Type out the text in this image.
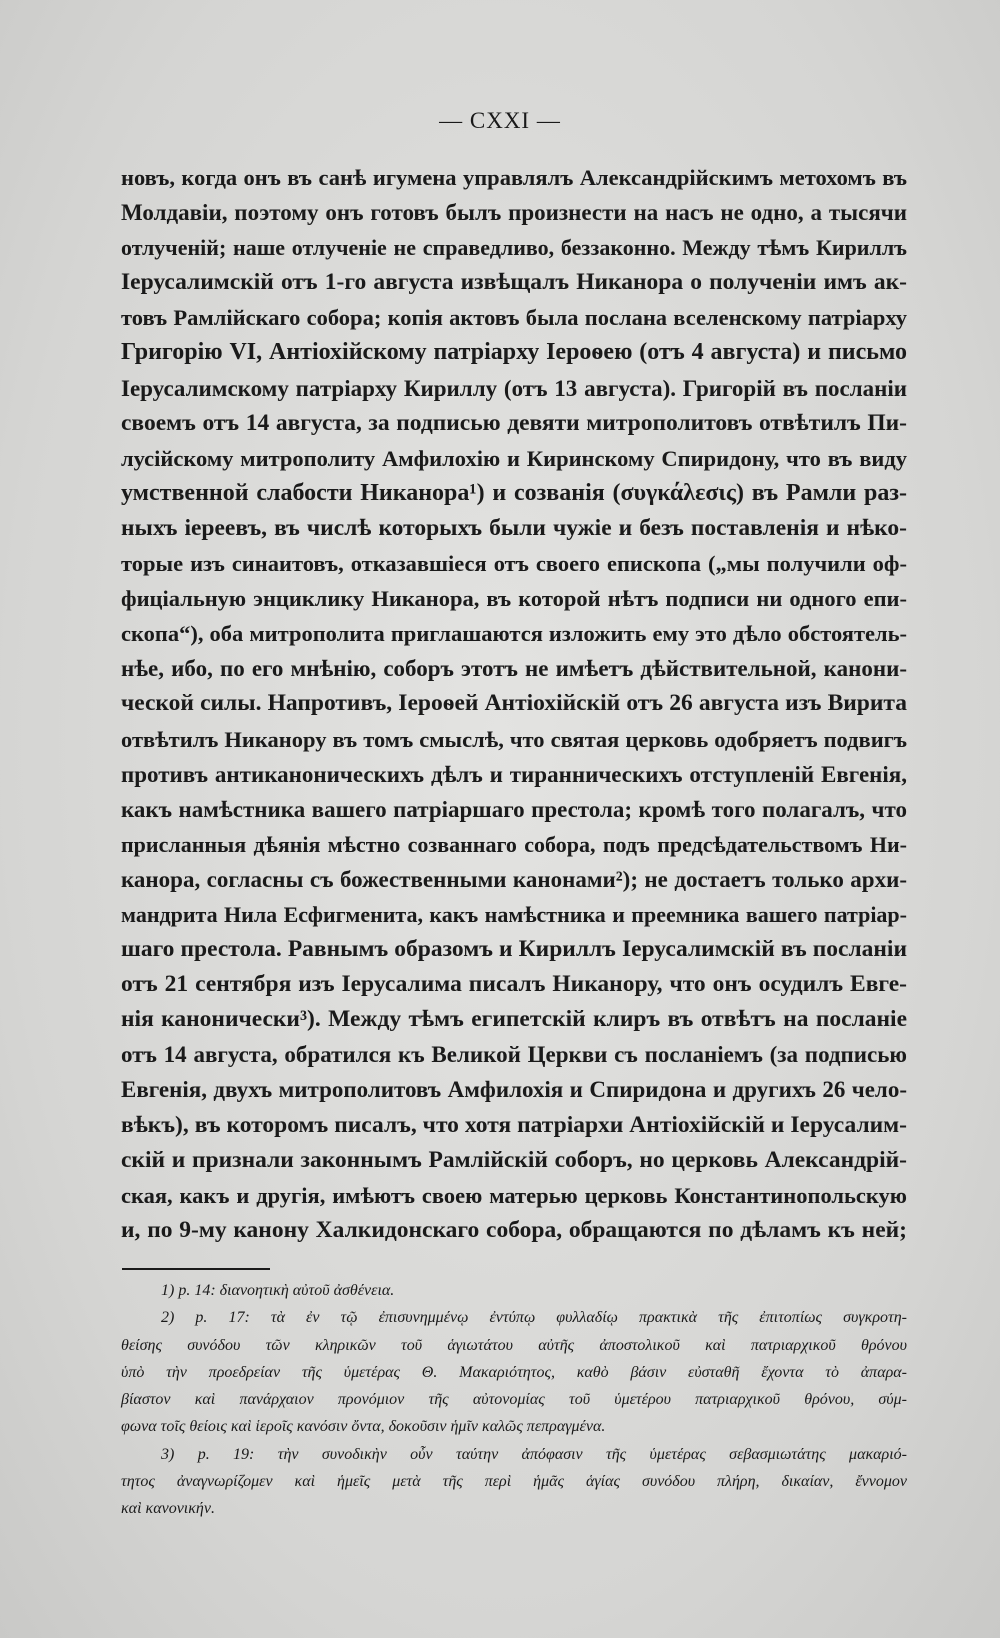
— CXXI —
новъ, когда онъ въ санѣ игумена управлялъ Александрійскимъ метохомъ въ
Молдавіи, поэтому онъ готовъ былъ произнести на насъ не одно, а тысячи
отлученій; наше отлученіе не справедливо, беззаконно. Между тѣмъ Кириллъ
Іерусалимскій отъ 1-го августа извѣщалъ Никанора о полученіи имъ ак-
товъ Рамлійскаго собора; копія актовъ была послана вселенскому патріарху
Григорію VI, Антіохійскому патріарху Іероѳею (отъ 4 августа) и письмо
Іерусалимскому патріарху Кириллу (отъ 13 августа). Григорій въ посланіи
своемъ отъ 14 августа, за подписью девяти митрополитовъ отвѣтилъ Пи-
лусійскому митрополиту Амфилохію и Киринскому Спиридону, что въ виду
умственной слабости Никанора¹) и созванія (συγκάλεσις) въ Рамли раз-
ныхъ іереевъ, въ числѣ которыхъ были чужіе и безъ поставленія и нѣко-
торые изъ синаитовъ, отказавшіеся отъ своего епископа („мы получили оф-
фиціальную энциклику Никанора, въ которой нѣтъ подписи ни одного епи-
скопа“), оба митрополита приглашаются изложить ему это дѣло обстоятель-
нѣе, ибо, по его мнѣнію, соборъ этотъ не имѣетъ дѣйствительной, канони-
ческой силы. Напротивъ, Іероѳей Антіохійскій отъ 26 августа изъ Вирита
отвѣтилъ Никанору въ томъ смыслѣ, что святая церковь одобряетъ подвигъ
противъ антиканоническихъ дѣлъ и тиранническихъ отступленій Евгенія,
какъ намѣстника вашего патріаршаго престола; кромѣ того полагалъ, что
присланныя дѣянія мѣстно созваннаго собора, подъ предсѣдательствомъ Ни-
канора, согласны съ божественными канонами²); не достаетъ только архи-
мандрита Нила Есфигменита, какъ намѣстника и преемника вашего патріар-
шаго престола. Равнымъ образомъ и Кириллъ Іерусалимскій въ посланіи
отъ 21 сентября изъ Іерусалима писалъ Никанору, что онъ осудилъ Евге-
нія канонически³). Между тѣмъ египетскій клиръ въ отвѣтъ на посланіе
отъ 14 августа, обратился къ Великой Церкви съ посланіемъ (за подписью
Евгенія, двухъ митрополитовъ Амфилохія и Спиридона и другихъ 26 чело-
вѣкъ), въ которомъ писалъ, что хотя патріархи Антіохійскій и Іерусалим-
скій и признали законнымъ Рамлійскій соборъ, но церковь Александрій-
ская, какъ и другія, имѣютъ своею матерью церковь Константинопольскую
и, по 9-му канону Халкидонскаго собора, обращаются по дѣламъ къ ней;
1) p. 14: διανοητικὴ αὐτοῦ ἀσθένεια.
2) p. 17: τὰ ἐν τῷ ἐπισυνημμένῳ ἐντύπῳ φυλλαδίῳ πρακτικὰ τῆς ἐπιτοπίως συγκροτη-
θείσης συνόδου τῶν κληρικῶν τοῦ ἁγιωτάτου αὐτῆς ἀποστολικοῦ καὶ πατριαρχικοῦ θρόνου
ὑπὸ τὴν προεδρείαν τῆς ὑμετέρας Θ. Μακαριότητος, καθὸ βάσιν εὐσταθῆ ἔχοντα τὸ ἀπαρα-
βίαστον καὶ πανάρχαιον προνόμιον τῆς αὐτονομίας τοῦ ὑμετέρου πατριαρχικοῦ θρόνου, σύμ-
φωνα τοῖς θείοις καὶ ἱεροῖς κανόσιν ὄντα, δοκοῦσιν ἡμῖν καλῶς πεπραγμένα.
3) p. 19: τὴν συνοδικὴν οὖν ταύτην ἀπόφασιν τῆς ὑμετέρας σεβασμιωτάτης μακαριό-
τητος ἀναγνωρίζομεν καὶ ἡμεῖς μετὰ τῆς περὶ ἡμᾶς ἁγίας συνόδου πλήρη, δικαίαν, ἔννομον
καὶ κανονικήν.
